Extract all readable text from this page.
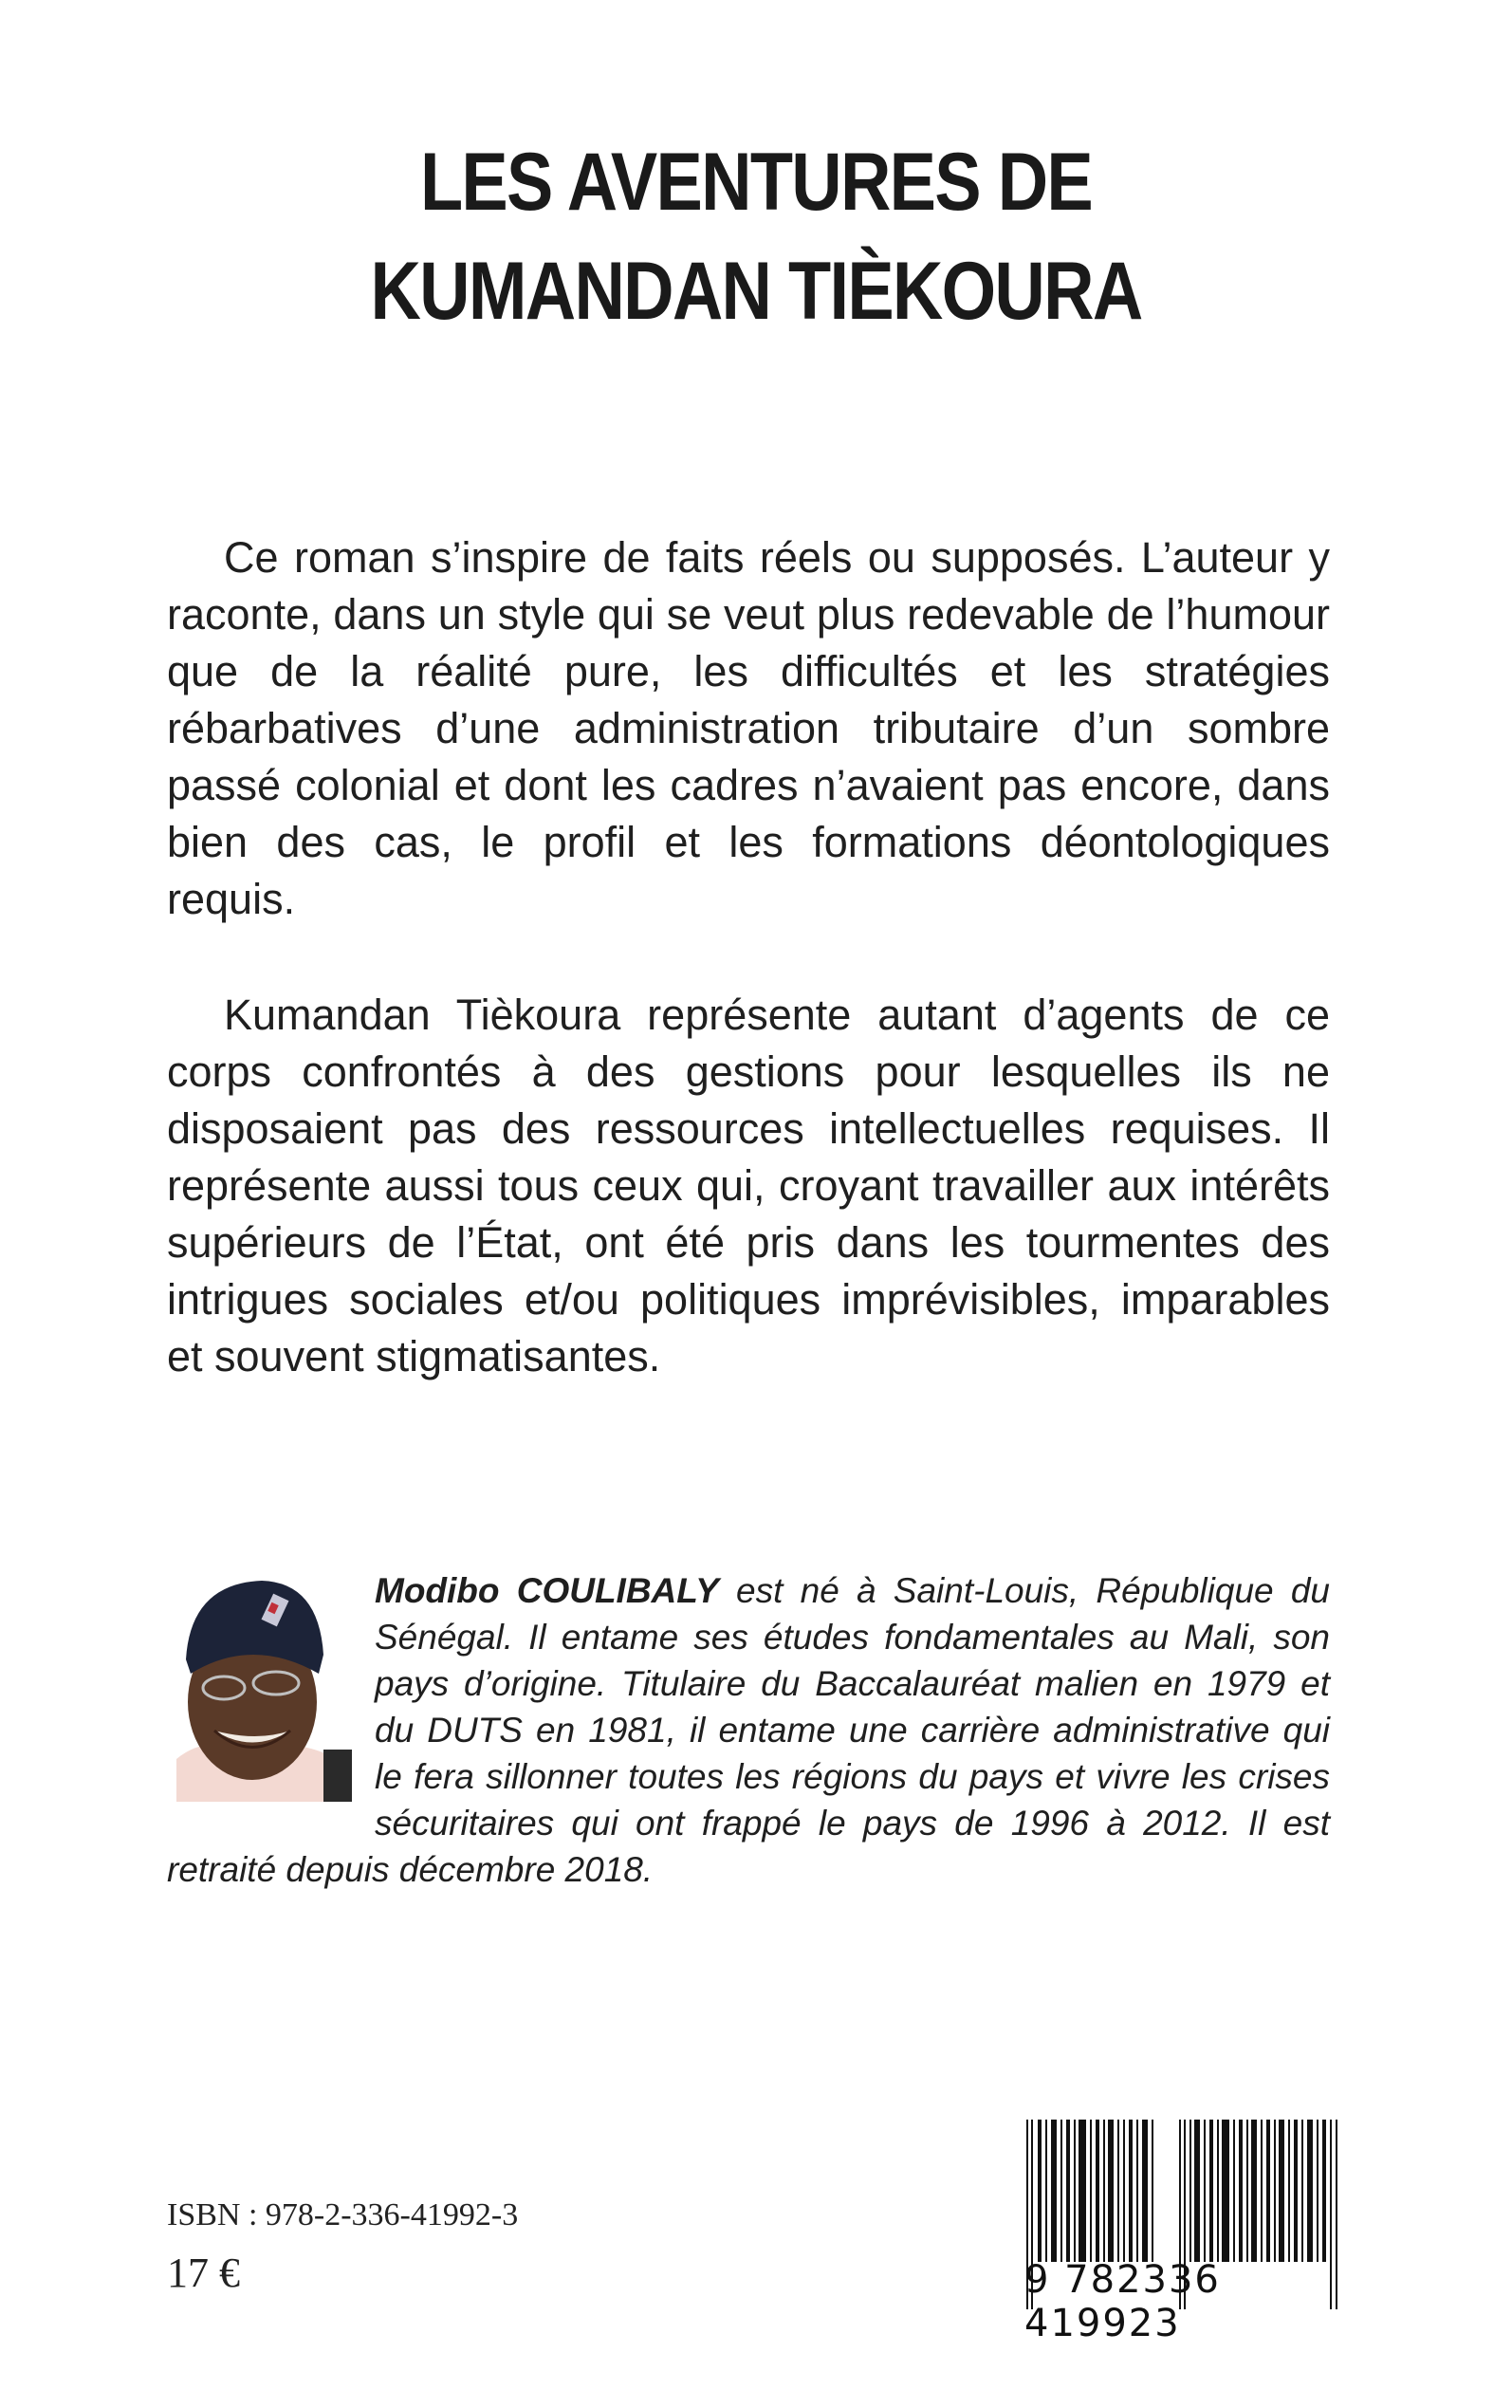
LES AVENTURES DE
KUMANDAN TIÈKOURA

Ce roman s’inspire de faits réels ou supposés. L’auteur y raconte, dans un style qui se veut plus redevable de l’humour que de la réalité pure, les difficultés et les stratégies rébarbatives d’une administration tributaire d’un sombre passé colonial et dont les cadres n’avaient pas encore, dans bien des cas, le profil et les formations déontologiques requis.

Kumandan Tièkoura représente autant d’agents de ce corps confrontés à des gestions pour lesquelles ils ne disposaient pas des ressources intellectuelles requises. Il représente aussi tous ceux qui, croyant travailler aux intérêts supérieurs de l’État, ont été pris dans les tourmentes des intrigues sociales et/ou politiques imprévisibles, imparables et souvent stigmatisantes.

Modibo COULIBALY est né à Saint-Louis, République du Sénégal. Il entame ses études fondamentales au Mali, son pays d’origine. Titulaire du Baccalauréat malien en 1979 et du DUTS en 1981, il entame une carrière administrative qui le fera sillonner toutes les régions du pays et vivre les crises sécuritaires qui ont frappé le pays de 1996 à 2012. Il est retraité depuis décembre 2018.
ISBN : 978-2-336-41992-3
17 €	9 782336 419923
